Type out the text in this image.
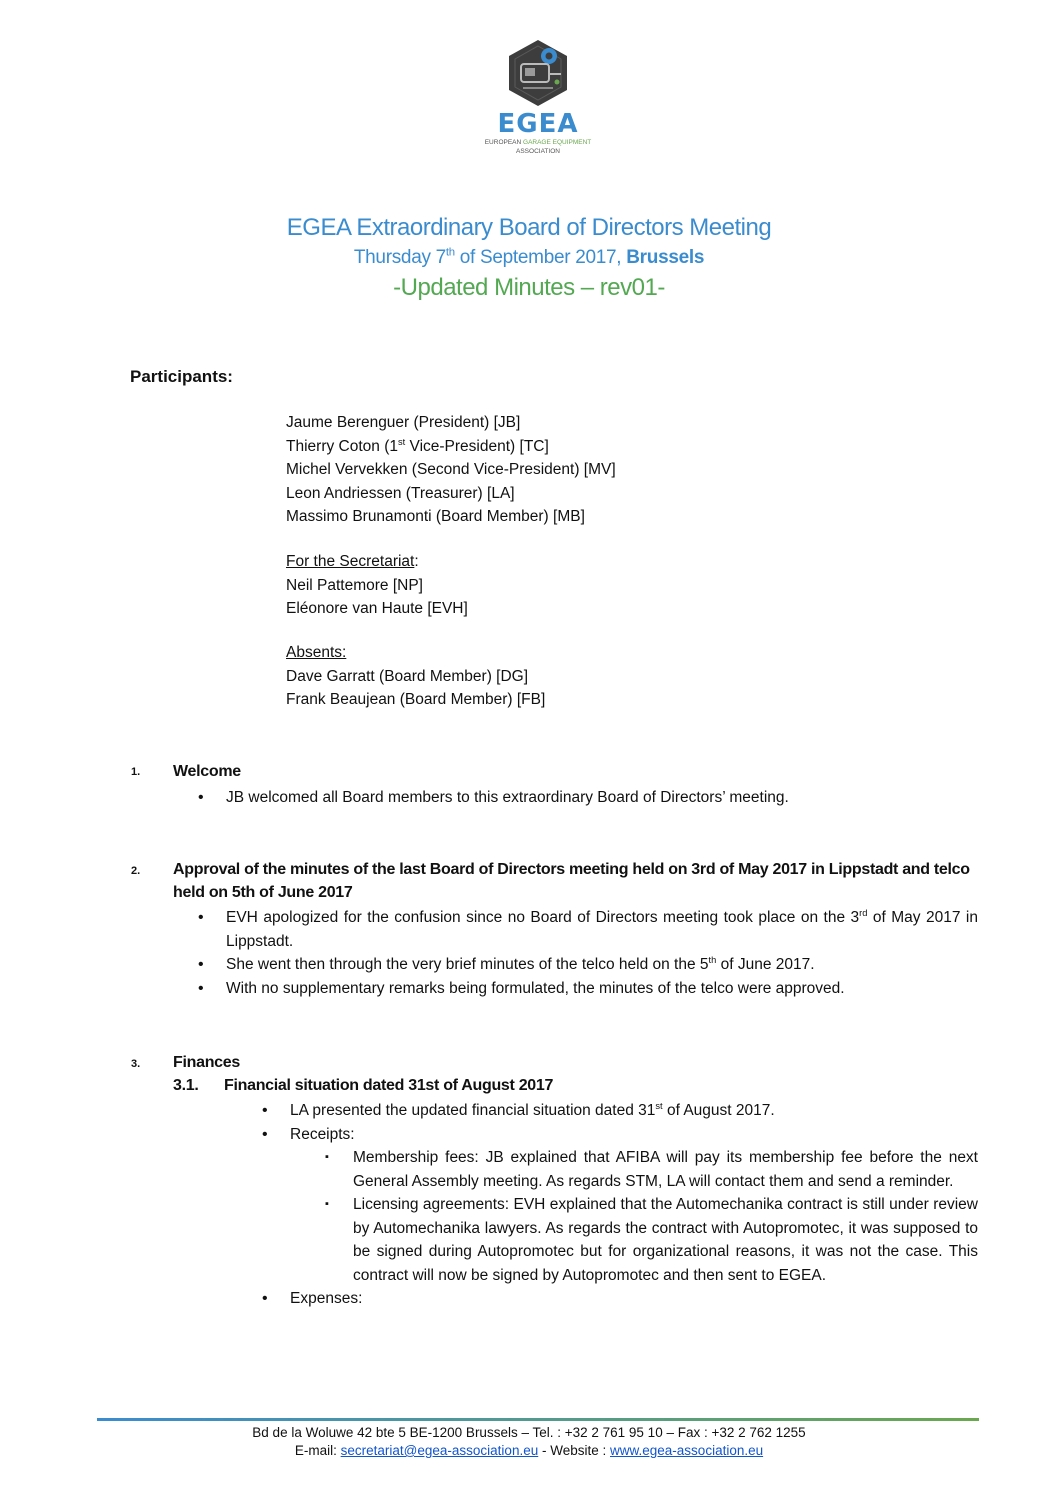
EGEA
EUROPEAN GARAGE EQUIPMENT
ASSOCIATION
EGEA Extraordinary Board of Directors Meeting
Thursday 7th of September 2017, Brussels
-Updated Minutes – rev01-
Participants:
Jaume Berenguer (President) [JB]
Thierry Coton (1st Vice-President) [TC]
Michel Vervekken (Second Vice-President) [MV]
Leon Andriessen (Treasurer) [LA]
Massimo Brunamonti (Board Member) [MB]
For the Secretariat:
Neil Pattemore [NP]
Eléonore van Haute [EVH]
Absents:
Dave Garratt (Board Member) [DG]
Frank Beaujean (Board Member) [FB]
1. Welcome
• JB welcomed all Board members to this extraordinary Board of Directors’ meeting.
2. Approval of the minutes of the last Board of Directors meeting held on 3rd of May 2017 in Lippstadt and telco held on 5th of June 2017
• EVH apologized for the confusion since no Board of Directors meeting took place on the 3rd of May 2017 in Lippstadt.
• She went then through the very brief minutes of the telco held on the 5th of June 2017.
• With no supplementary remarks being formulated, the minutes of the telco were approved.
3. Finances
3.1.	Financial situation dated 31st of August 2017
• LA presented the updated financial situation dated 31st of August 2017.
• Receipts:
▪ Membership fees: JB explained that AFIBA will pay its membership fee before the next General Assembly meeting. As regards STM, LA will contact them and send a reminder.
▪ Licensing agreements: EVH explained that the Automechanika contract is still under review by Automechanika lawyers. As regards the contract with Autopromotec, it was supposed to be signed during Autopromotec but for organizational reasons, it was not the case. This contract will now be signed by Autopromotec and then sent to EGEA.
• Expenses:
Bd de la Woluwe 42 bte 5 BE-1200 Brussels – Tel. : +32 2 761 95 10 – Fax : +32 2 762 1255
E-mail: secretariat@egea-association.eu - Website : www.egea-association.eu
